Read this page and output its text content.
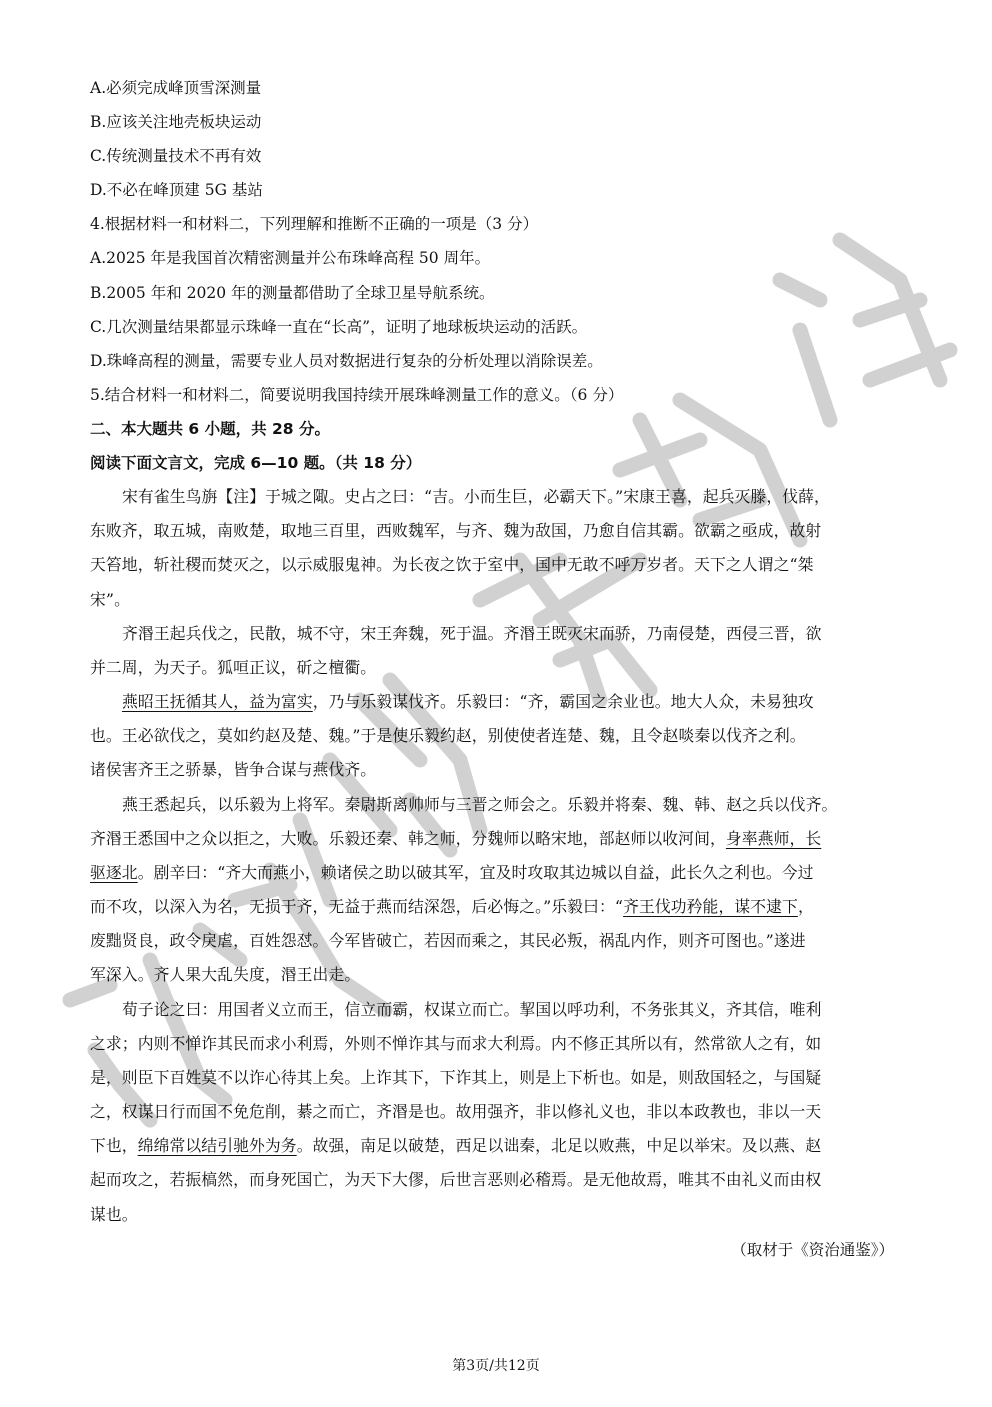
A.必须完成峰顶雪深测量
B.应该关注地壳板块运动
C.传统测量技术不再有效
D.不必在峰顶建 5G 基站
4.根据材料一和材料二，下列理解和推断不正确的一项是（3 分）
A.2025 年是我国首次精密测量并公布珠峰高程 50 周年。
B.2005 年和 2020 年的测量都借助了全球卫星导航系统。
C.几次测量结果都显示珠峰一直在“长高”，证明了地球板块运动的活跃。
D.珠峰高程的测量，需要专业人员对数据进行复杂的分析处理以消除误差。
5.结合材料一和材料二，简要说明我国持续开展珠峰测量工作的意义。（6 分）
二、本大题共 6 小题，共 28 分。
阅读下面文言文，完成 6—10 题。（共 18 分）
宋有雀生鸟旃【注】于城之陬。史占之曰：“吉。小而生巨，必霸天下。”宋康王喜，起兵灭滕，伐薛，
东败齐，取五城，南败楚，取地三百里，西败魏军，与齐、魏为敌国，乃愈自信其霸。欲霸之亟成，故射
天笞地，斩社稷而焚灭之，以示威服鬼神。为长夜之饮于室中，国中无敢不呼万岁者。天下之人谓之“桀
宋”。
齐湣王起兵伐之，民散，城不守，宋王奔魏，死于温。齐湣王既灭宋而骄，乃南侵楚，西侵三晋，欲
并二周，为天子。狐咺正议，斫之檀衢。
燕昭王抚循其人，益为富实，乃与乐毅谋伐齐。乐毅曰：“齐，霸国之余业也。地大人众，未易独攻
也。王必欲伐之，莫如约赵及楚、魏。”于是使乐毅约赵，别使使者连楚、魏，且令赵啖秦以伐齐之利。
诸侯害齐王之骄暴，皆争合谋与燕伐齐。
燕王悉起兵，以乐毅为上将军。秦尉斯离帅师与三晋之师会之。乐毅并将秦、魏、韩、赵之兵以伐齐。
齐湣王悉国中之众以拒之，大败。乐毅还秦、韩之师，分魏师以略宋地，部赵师以收河间，身率燕师，长
驱逐北。剧辛曰：“齐大而燕小，赖诸侯之助以破其军，宜及时攻取其边城以自益，此长久之利也。今过
而不攻，以深入为名，无损于齐，无益于燕而结深怨，后必悔之。”乐毅曰：“齐王伐功矜能，谋不逮下，
废黜贤良，政令戾虐，百姓怨怼。今军皆破亡，若因而乘之，其民必叛，祸乱内作，则齐可图也。”遂进
军深入。齐人果大乱失度，湣王出走。
荀子论之曰：用国者义立而王，信立而霸，权谋立而亡。挈国以呼功利，不务张其义，齐其信，唯利
之求；内则不惮诈其民而求小利焉，外则不惮诈其与而求大利焉。内不修正其所以有，然常欲人之有，如
是，则臣下百姓莫不以诈心待其上矣。上诈其下，下诈其上，则是上下析也。如是，则敌国轻之，与国疑
之，权谋日行而国不免危削，綦之而亡，齐湣是也。故用强齐，非以修礼义也，非以本政教也，非以一天
下也，绵绵常以结引驰外为务。故强，南足以破楚，西足以诎秦，北足以败燕，中足以举宋。及以燕、赵
起而攻之，若振槁然，而身死国亡，为天下大僇，后世言恶则必稽焉。是无他故焉，唯其不由礼义而由权
谋也。
（取材于《资治通鉴》）
第3页/共12页
